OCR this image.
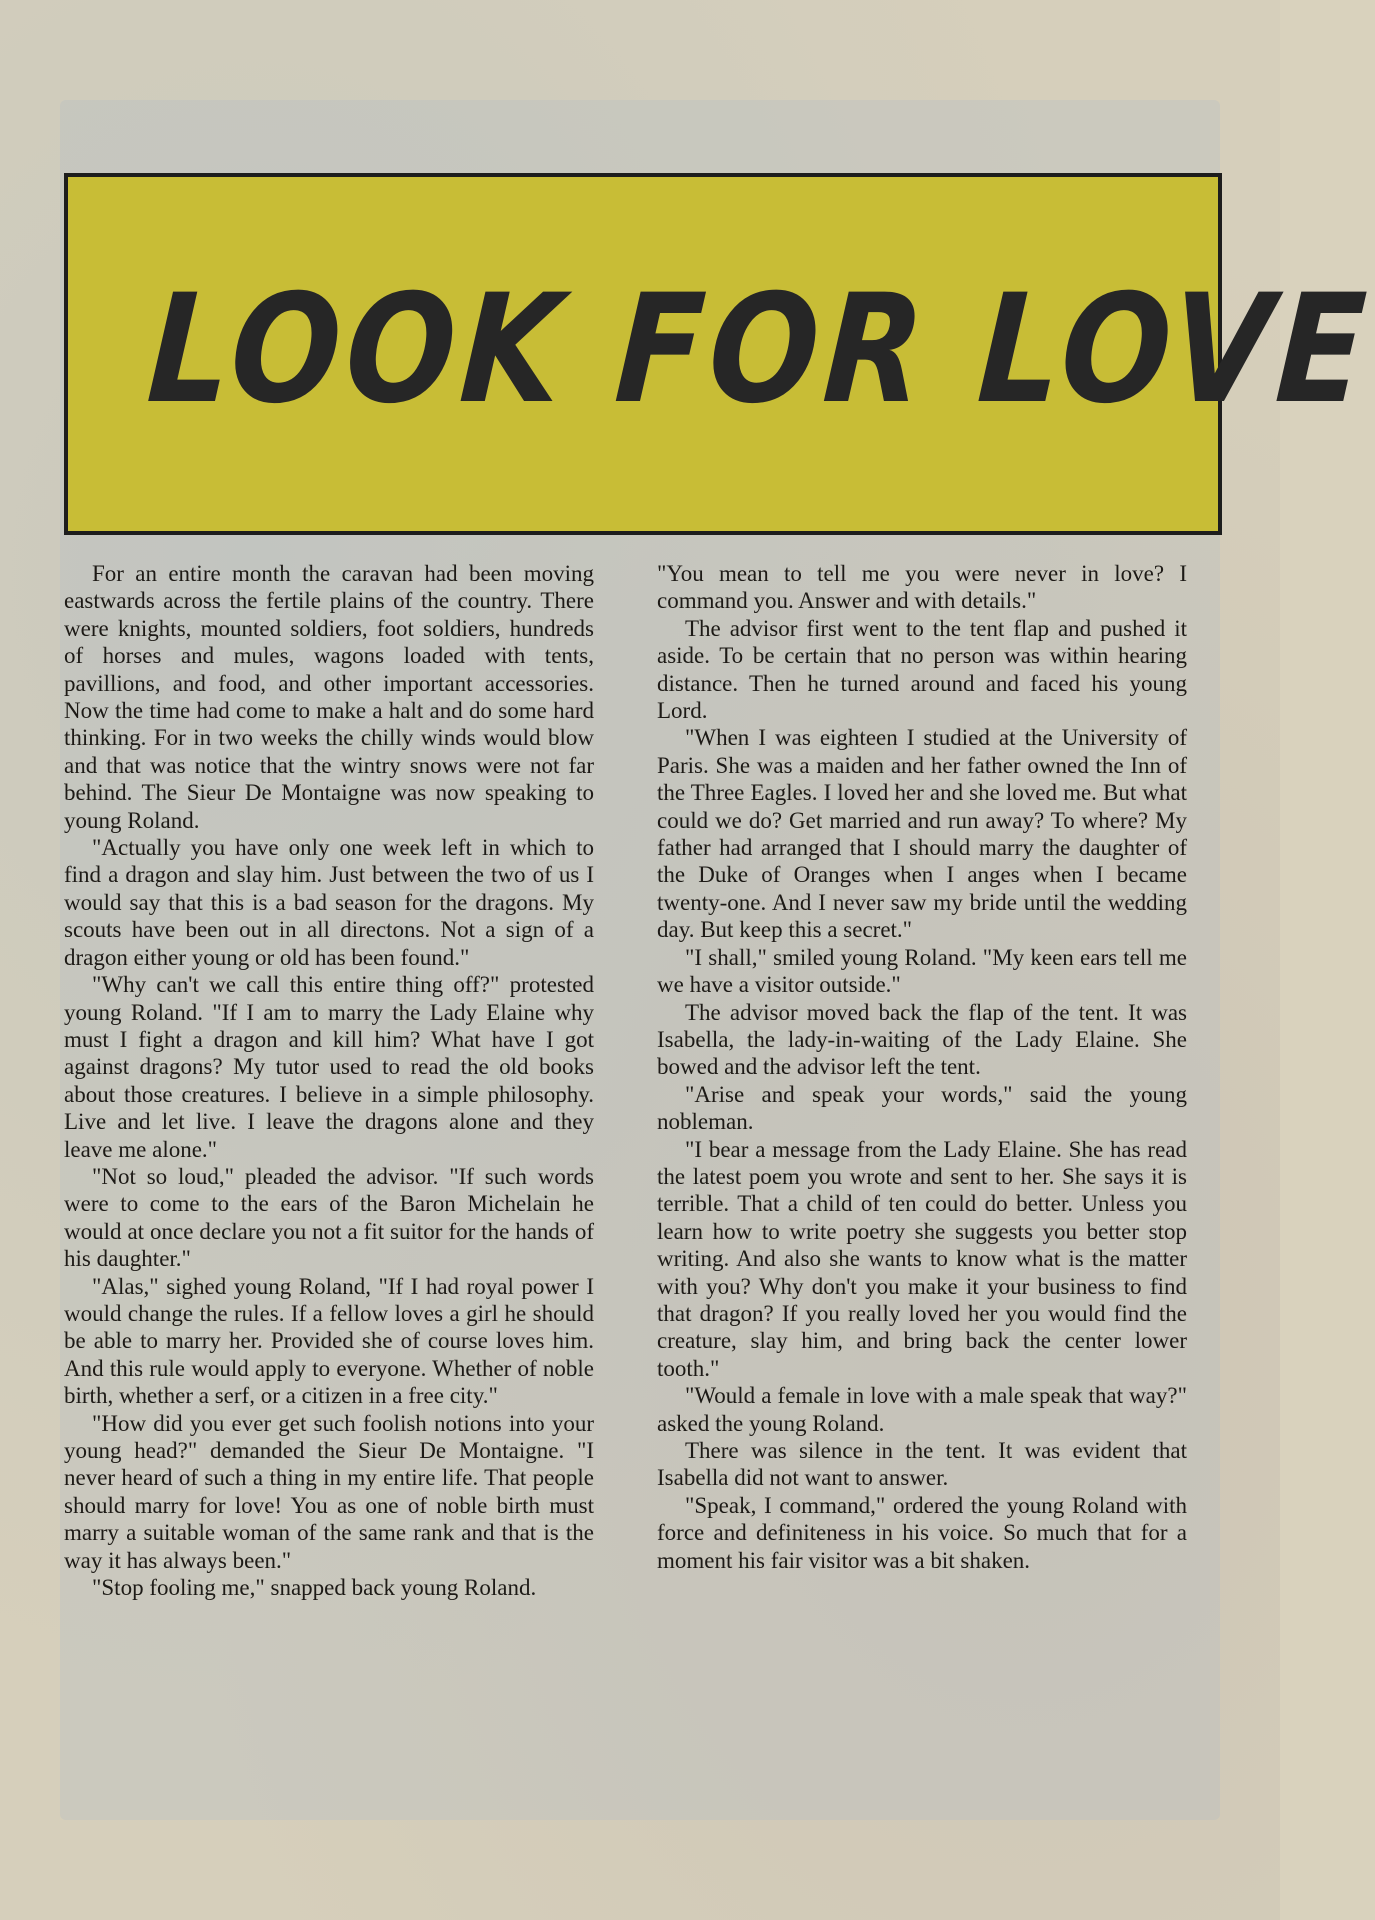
LOOK FOR LOVE

For an entire month the caravan had been moving eastwards across the fertile plains of the country. There were knights, mounted soldiers, foot soldiers, hundreds of horses and mules, wagons loaded with tents, pavillions, and food, and other important accessories. Now the time had come to make a halt and do some hard thinking. For in two weeks the chilly winds would blow and that was notice that the wintry snows were not far behind. The Sieur De Montaigne was now speaking to young Roland.

"Actually you have only one week left in which to find a dragon and slay him. Just between the two of us I would say that this is a bad season for the dragons. My scouts have been out in all directons. Not a sign of a dragon either young or old has been found."

"Why can't we call this entire thing off?" protested young Roland. "If I am to marry the Lady Elaine why must I fight a dragon and kill him? What have I got against dragons? My tutor used to read the old books about those creatures. I believe in a simple philosophy. Live and let live. I leave the dragons alone and they leave me alone."

"Not so loud," pleaded the advisor. "If such words were to come to the ears of the Baron Michelain he would at once declare you not a fit suitor for the hands of his daughter."

"Alas," sighed young Roland, "If I had royal power I would change the rules. If a fellow loves a girl he should be able to marry her. Provided she of course loves him. And this rule would apply to everyone. Whether of noble birth, whether a serf, or a citizen in a free city."

"How did you ever get such foolish notions into your young head?" demanded the Sieur De Montaigne. "I never heard of such a thing in my entire life. That people should marry for love! You as one of noble birth must marry a suitable woman of the same rank and that is the way it has always been."

"Stop fooling me," snapped back young Roland.

"You mean to tell me you were never in love? I command you. Answer and with details."

The advisor first went to the tent flap and pushed it aside. To be certain that no person was within hearing distance. Then he turned around and faced his young Lord.

"When I was eighteen I studied at the University of Paris. She was a maiden and her father owned the Inn of the Three Eagles. I loved her and she loved me. But what could we do? Get married and run away? To where? My father had arranged that I should marry the daughter of the Duke of Oranges when I anges when I became twenty-one. And I never saw my bride until the wedding day. But keep this a secret."

"I shall," smiled young Roland. "My keen ears tell me we have a visitor outside."

The advisor moved back the flap of the tent. It was Isabella, the lady-in-waiting of the Lady Elaine. She bowed and the advisor left the tent.

"Arise and speak your words," said the young nobleman.

"I bear a message from the Lady Elaine. She has read the latest poem you wrote and sent to her. She says it is terrible. That a child of ten could do better. Unless you learn how to write poetry she suggests you better stop writing. And also she wants to know what is the matter with you? Why don't you make it your business to find that dragon? If you really loved her you would find the creature, slay him, and bring back the center lower tooth."

"Would a female in love with a male speak that way?" asked the young Roland.

There was silence in the tent. It was evident that Isabella did not want to answer.

"Speak, I command," ordered the young Roland with force and definiteness in his voice. So much that for a moment his fair visitor was a bit shaken.
